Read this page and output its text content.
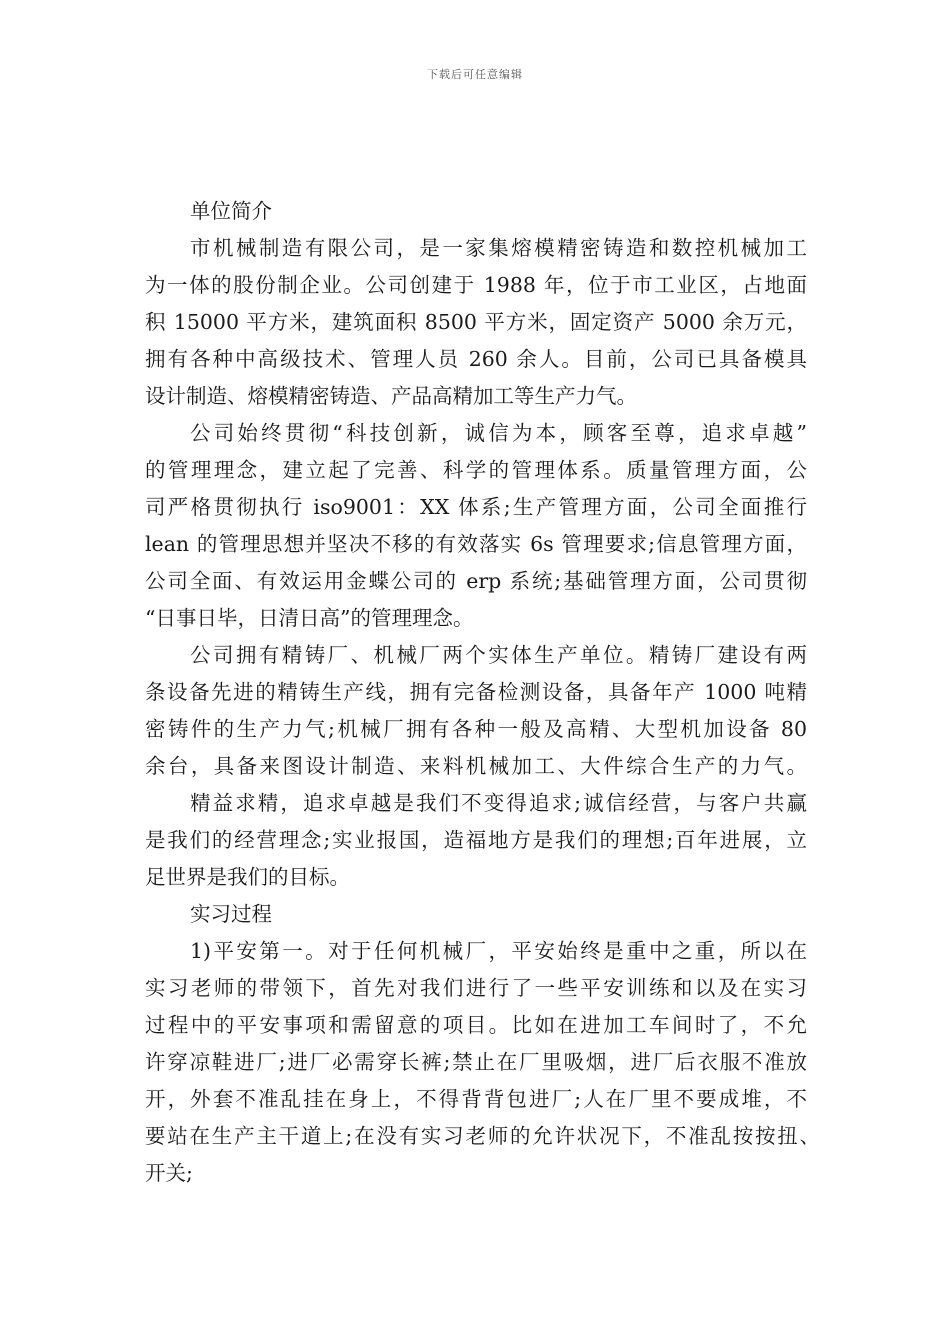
下载后可任意编辑
单位简介
市机械制造有限公司，是一家集熔模精密铸造和数控机械加工
为一体的股份制企业。公司创建于 1988 年，位于市工业区，占地面
积 15000 平方米，建筑面积 8500 平方米，固定资产 5000 余万元，
拥有各种中高级技术、管理人员 260 余人。目前，公司已具备模具
设计制造、熔模精密铸造、产品高精加工等生产力气。
公司始终贯彻“科技创新，诚信为本，顾客至尊，追求卓越”
的管理理念，建立起了完善、科学的管理体系。质量管理方面，公
司严格贯彻执行 iso9001：XX 体系;生产管理方面，公司全面推行
lean 的管理思想并坚决不移的有效落实 6s 管理要求;信息管理方面，
公司全面、有效运用金蝶公司的 erp 系统;基础管理方面，公司贯彻
“日事日毕，日清日高”的管理理念。
公司拥有精铸厂、机械厂两个实体生产单位。精铸厂建设有两
条设备先进的精铸生产线，拥有完备检测设备，具备年产 1000 吨精
密铸件的生产力气;机械厂拥有各种一般及高精、大型机加设备 80
余台，具备来图设计制造、来料机械加工、大件综合生产的力气。
精益求精，追求卓越是我们不变得追求;诚信经营，与客户共赢
是我们的经营理念;实业报国，造福地方是我们的理想;百年进展，立
足世界是我们的目标。
实习过程
1)平安第一。对于任何机械厂，平安始终是重中之重，所以在
实习老师的带领下，首先对我们进行了一些平安训练和以及在实习
过程中的平安事项和需留意的项目。比如在进加工车间时了，不允
许穿凉鞋进厂;进厂必需穿长裤;禁止在厂里吸烟，进厂后衣服不准放
开，外套不准乱挂在身上，不得背背包进厂;人在厂里不要成堆，不
要站在生产主干道上;在没有实习老师的允许状况下，不准乱按按扭、
开关;
